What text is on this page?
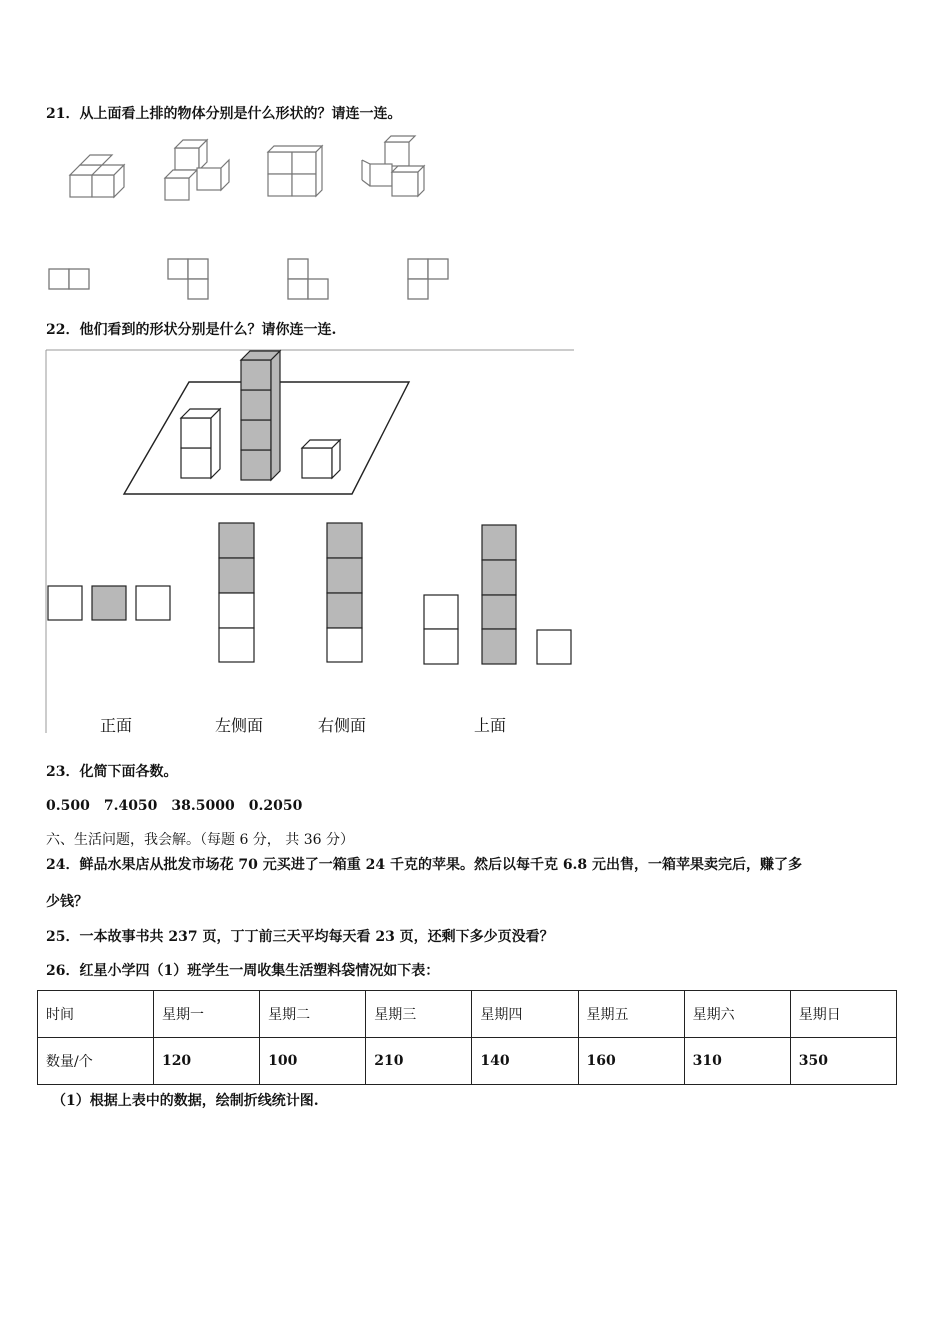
21．从上面看上排的物体分别是什么形状的？请连一连。
22．他们看到的形状分别是什么？请你连一连.
正面	左侧面	右侧面	上面
23．化简下面各数。
0.500　7.4050　38.5000　0.2050
六、生活问题，我会解。（每题 6 分， 共 36 分）
24．鲜品水果店从批发市场花 70 元买进了一箱重 24 千克的苹果。然后以每千克 6.8 元出售，一箱苹果卖完后，赚了多
少钱？
25．一本故事书共 237 页，丁丁前三天平均每天看 23 页，还剩下多少页没看？
26．红星小学四（1）班学生一周收集生活塑料袋情况如下表：
时间	星期一	星期二	星期三	星期四	星期五	星期六	星期日
数量/个	120	100	210	140	160	310	350
（1）根据上表中的数据，绘制折线统计图.
